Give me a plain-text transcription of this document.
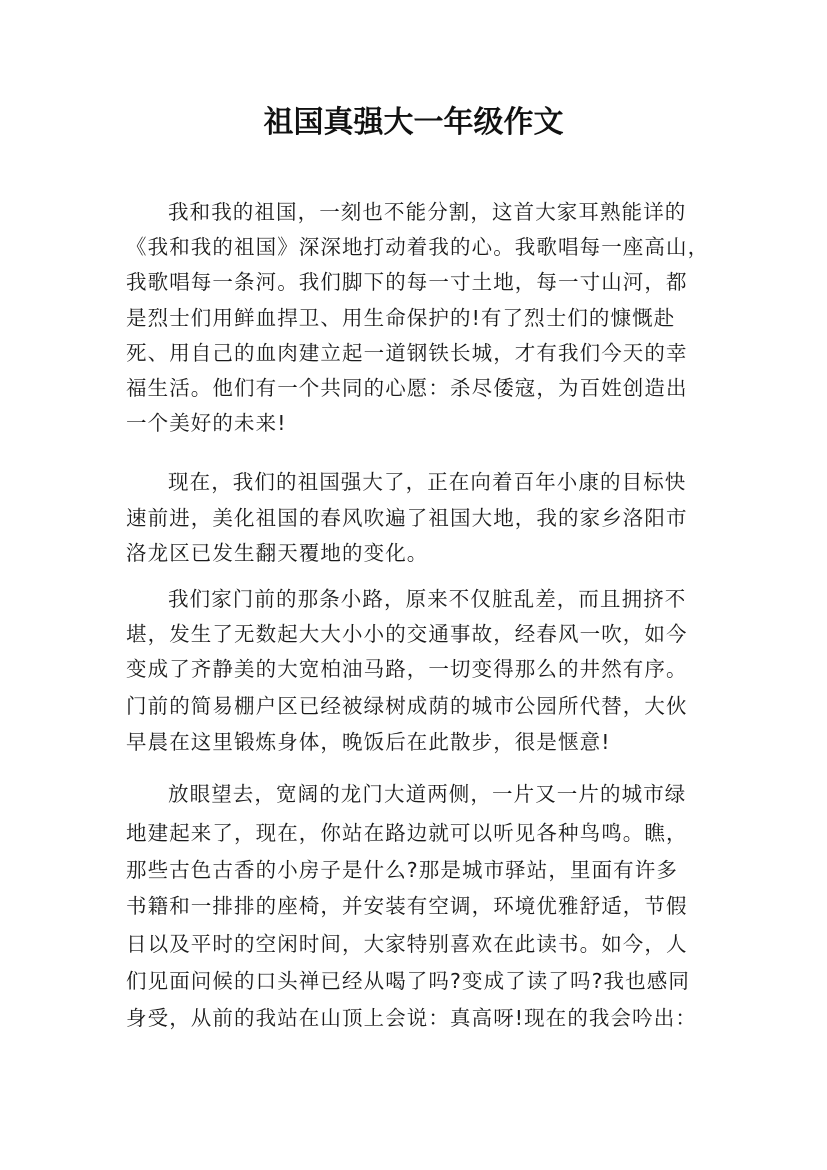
祖国真强大一年级作文

我和我的祖国，一刻也不能分割，这首大家耳熟能详的

《我和我的祖国》深深地打动着我的心。我歌唱每一座高山，

我歌唱每一条河。我们脚下的每一寸土地，每一寸山河，都

是烈士们用鲜血捍卫、用生命保护的!有了烈士们的慷慨赴

死、用自己的血肉建立起一道钢铁长城，才有我们今天的幸

福生活。他们有一个共同的心愿：杀尽倭寇，为百姓创造出

一个美好的未来!

现在，我们的祖国强大了，正在向着百年小康的目标快

速前进，美化祖国的春风吹遍了祖国大地，我的家乡洛阳市

洛龙区已发生翻天覆地的变化。

我们家门前的那条小路，原来不仅脏乱差，而且拥挤不

堪，发生了无数起大大小小的交通事故，经春风一吹，如今

变成了齐静美的大宽柏油马路，一切变得那么的井然有序。

门前的简易棚户区已经被绿树成荫的城市公园所代替，大伙

早晨在这里锻炼身体，晚饭后在此散步，很是惬意!

放眼望去，宽阔的龙门大道两侧，一片又一片的城市绿

地建起来了，现在，你站在路边就可以听见各种鸟鸣。瞧，

那些古色古香的小房子是什么?那是城市驿站，里面有许多

书籍和一排排的座椅，并安装有空调，环境优雅舒适，节假

日以及平时的空闲时间，大家特别喜欢在此读书。如今，人

们见面问候的口头禅已经从喝了吗?变成了读了吗?我也感同

身受，从前的我站在山顶上会说：真高呀!现在的我会吟出：
